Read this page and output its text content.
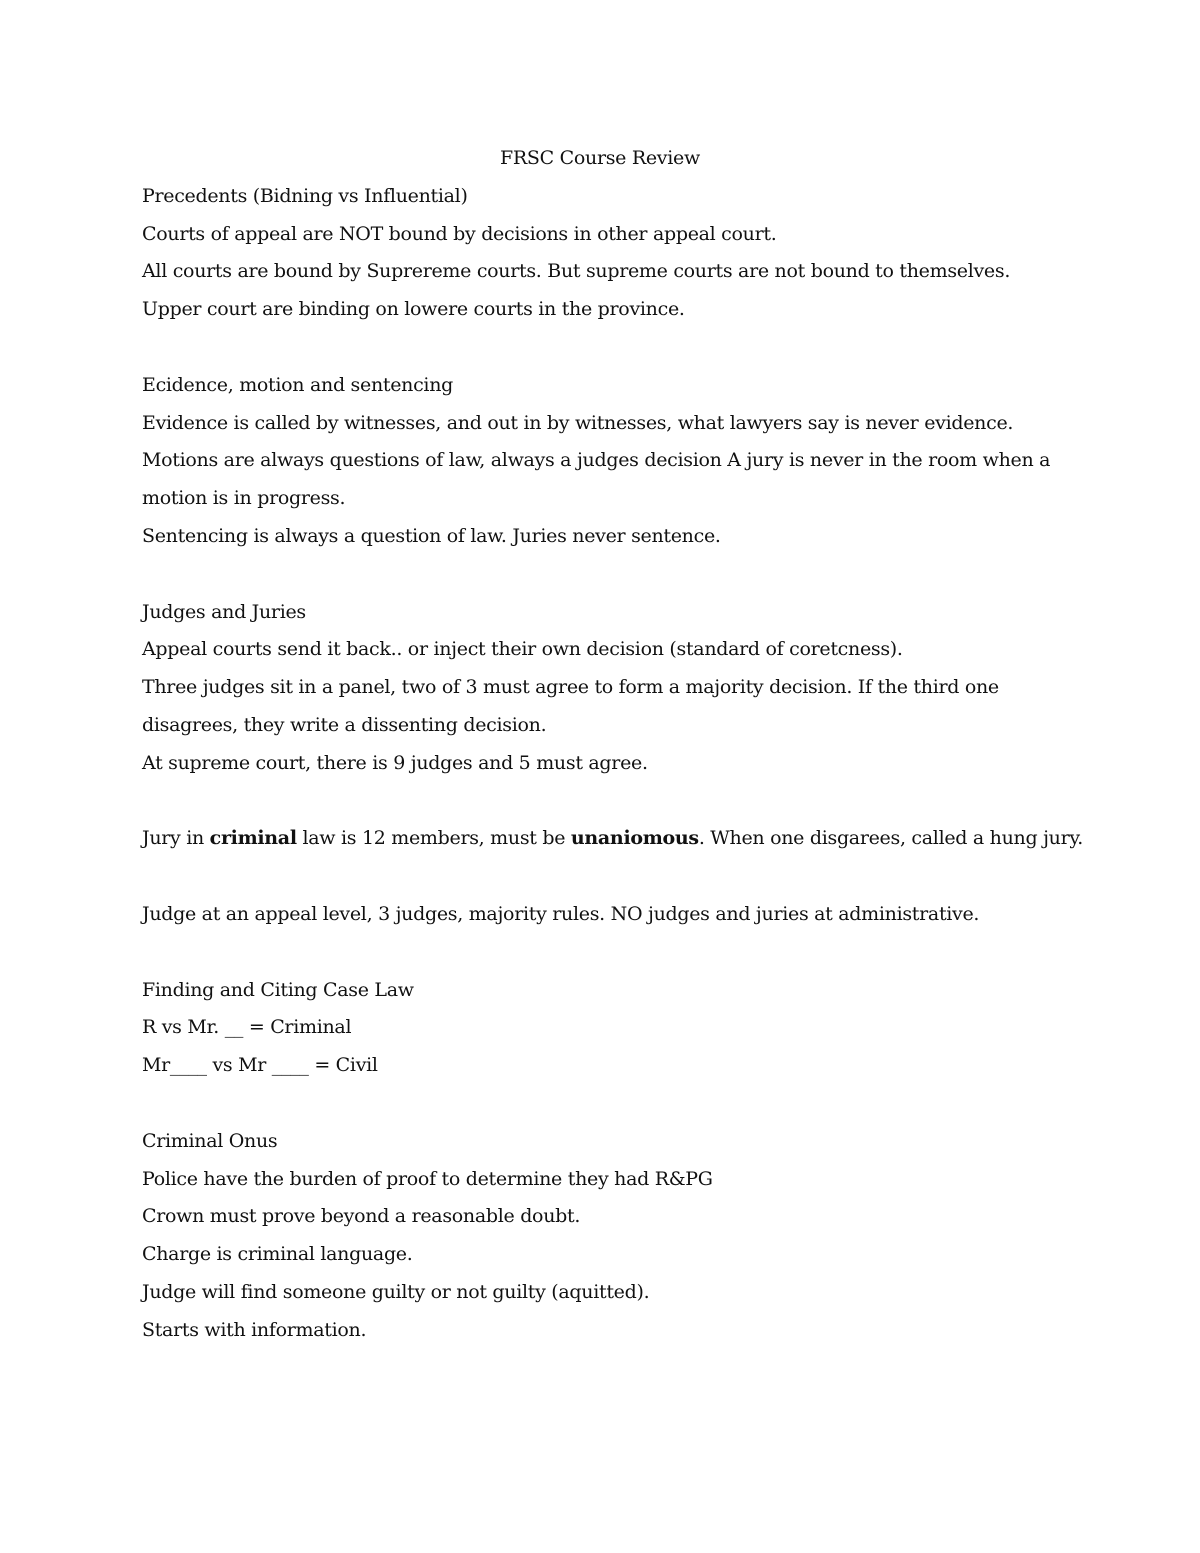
FRSC Course Review

Precedents (Bidning vs Influential)

Courts of appeal are NOT bound by decisions in other appeal court.

All courts are bound by Suprereme courts. But supreme courts are not bound to themselves.

Upper court are binding on lowere courts in the province.

Ecidence, motion and sentencing

Evidence is called by witnesses, and out in by witnesses, what lawyers say is never evidence.

Motions are always questions of law, always a judges decision A jury is never in the room when a

motion is in progress.

Sentencing is always a question of law. Juries never sentence.

Judges and Juries

Appeal courts send it back.. or inject their own decision (standard of coretcness).

Three judges sit in a panel, two of 3 must agree to form a majority decision. If the third one

disagrees, they write a dissenting decision.

At supreme court, there is 9 judges and 5 must agree.

Jury in criminal law is 12 members, must be unaniomous. When one disgarees, called a hung jury.

Judge at an appeal level, 3 judges, majority rules. NO judges and juries at administrative.

Finding and Citing Case Law

R vs Mr. __ = Criminal

Mr____ vs Mr ____ = Civil

Criminal Onus

Police have the burden of proof to determine they had R&PG

Crown must prove beyond a reasonable doubt.

Charge is criminal language.

Judge will find someone guilty or not guilty (aquitted).

Starts with information.
